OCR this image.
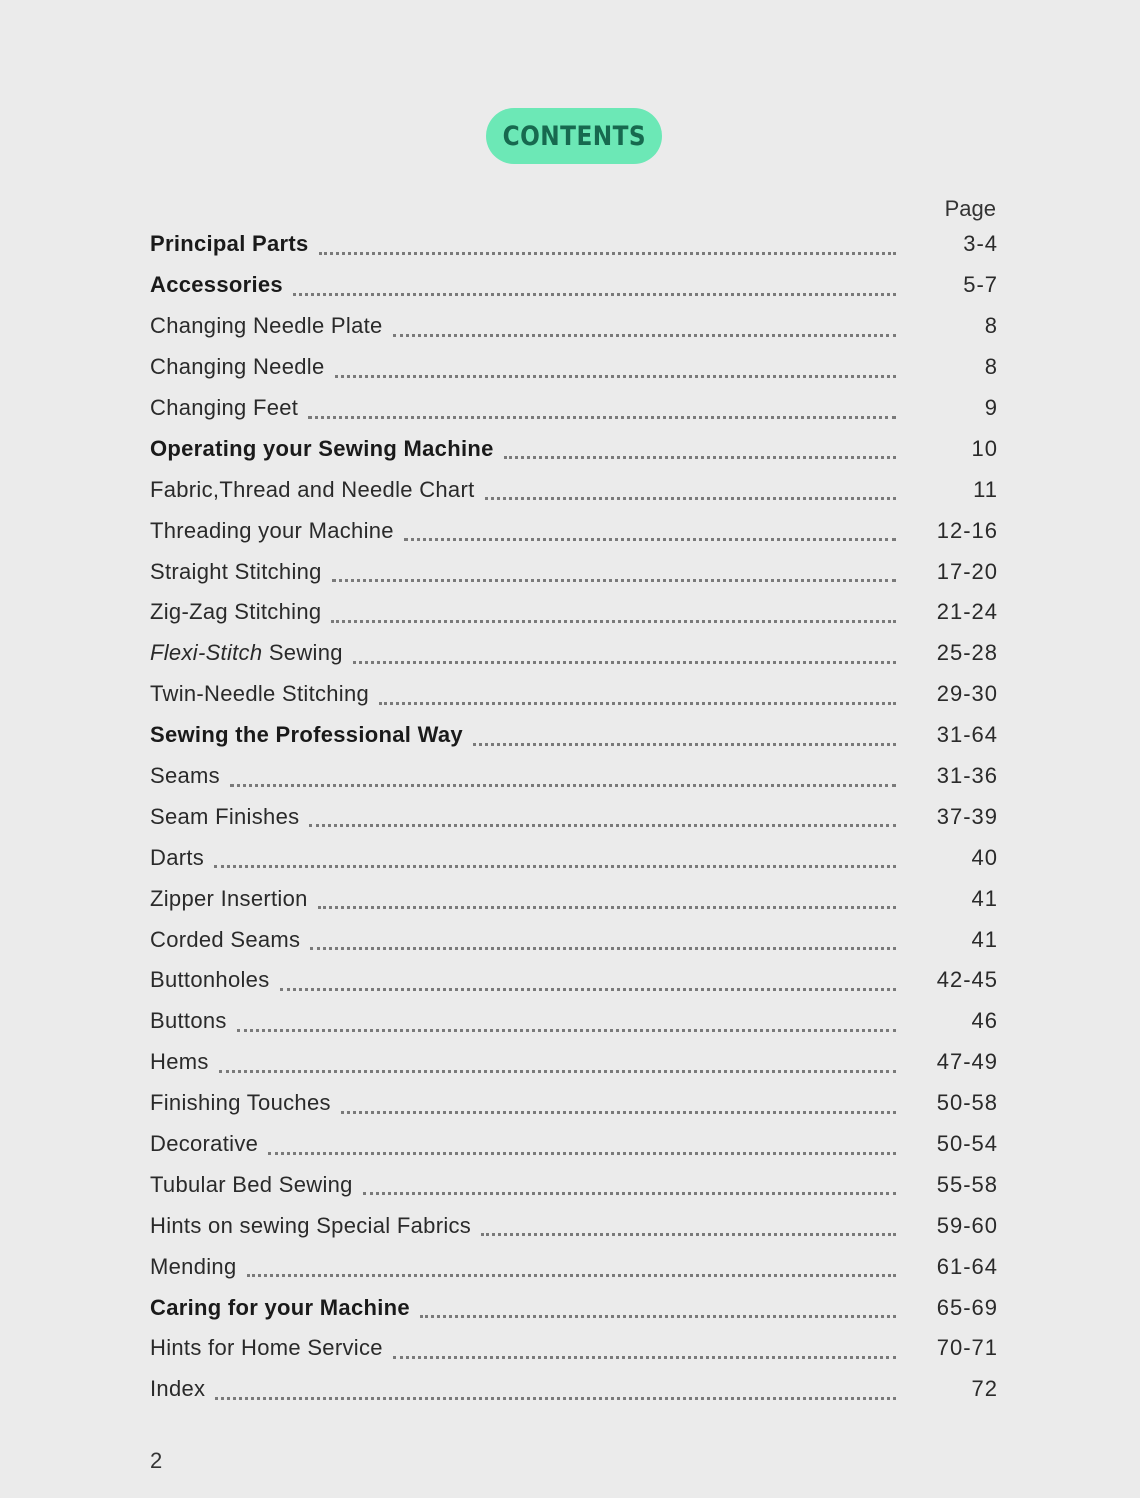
CONTENTS
Page
Principal Parts	3-4
Accessories	5-7
Changing Needle Plate	8
Changing Needle	8
Changing Feet	9
Operating your Sewing Machine	10
Fabric,Thread and Needle Chart	11
Threading your Machine	12-16
Straight Stitching	17-20
Zig-Zag Stitching	21-24
Flexi-Stitch Sewing	25-28
Twin-Needle Stitching	29-30
Sewing the Professional Way	31-64
Seams	31-36
Seam Finishes	37-39
Darts	40
Zipper Insertion	41
Corded Seams	41
Buttonholes	42-45
Buttons	46
Hems	47-49
Finishing Touches	50-58
Decorative	50-54
Tubular Bed Sewing	55-58
Hints on sewing Special Fabrics	59-60
Mending	61-64
Caring for your Machine	65-69
Hints for Home Service	70-71
Index	72
2
